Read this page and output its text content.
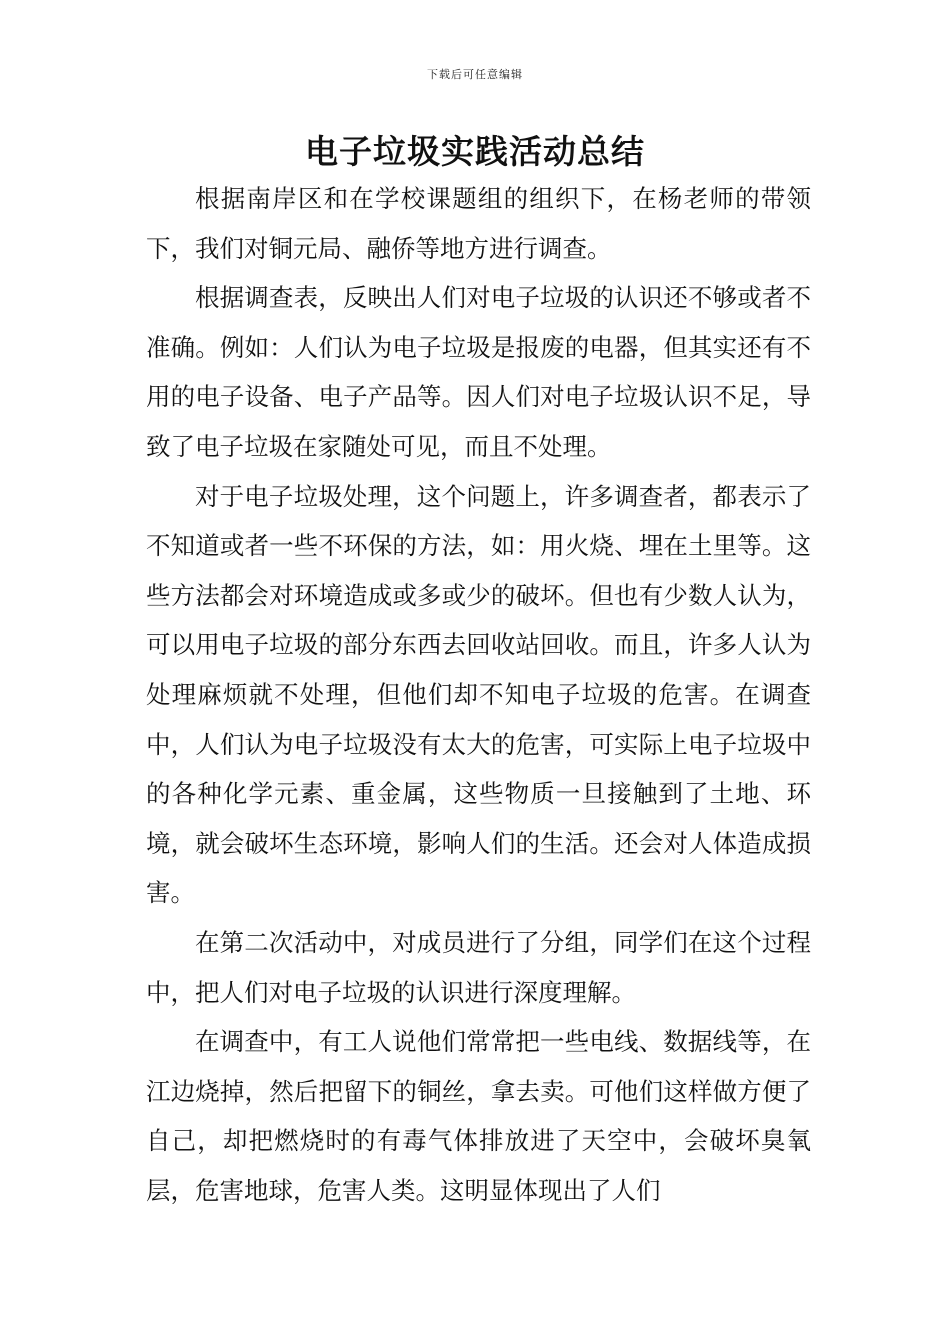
下载后可任意编辑
电子垃圾实践活动总结

根据南岸区和在学校课题组的组织下，在杨老师的带领下，我们对铜元局、融侨等地方进行调查。

根据调查表，反映出人们对电子垃圾的认识还不够或者不准确。例如：人们认为电子垃圾是报废的电器，但其实还有不用的电子设备、电子产品等。因人们对电子垃圾认识不足，导致了电子垃圾在家随处可见，而且不处理。

对于电子垃圾处理，这个问题上，许多调查者，都表示了不知道或者一些不环保的方法，如：用火烧、埋在土里等。这些方法都会对环境造成或多或少的破坏。但也有少数人认为，可以用电子垃圾的部分东西去回收站回收。而且，许多人认为处理麻烦就不处理，但他们却不知电子垃圾的危害。在调查中，人们认为电子垃圾没有太大的危害，可实际上电子垃圾中的各种化学元素、重金属，这些物质一旦接触到了土地、环境，就会破坏生态环境，影响人们的生活。还会对人体造成损害。

在第二次活动中，对成员进行了分组，同学们在这个过程中，把人们对电子垃圾的认识进行深度理解。

在调查中，有工人说他们常常把一些电线、数据线等，在江边烧掉，然后把留下的铜丝，拿去卖。可他们这样做方便了自己，却把燃烧时的有毒气体排放进了天空中，会破坏臭氧层，危害地球，危害人类。这明显体现出了人们
